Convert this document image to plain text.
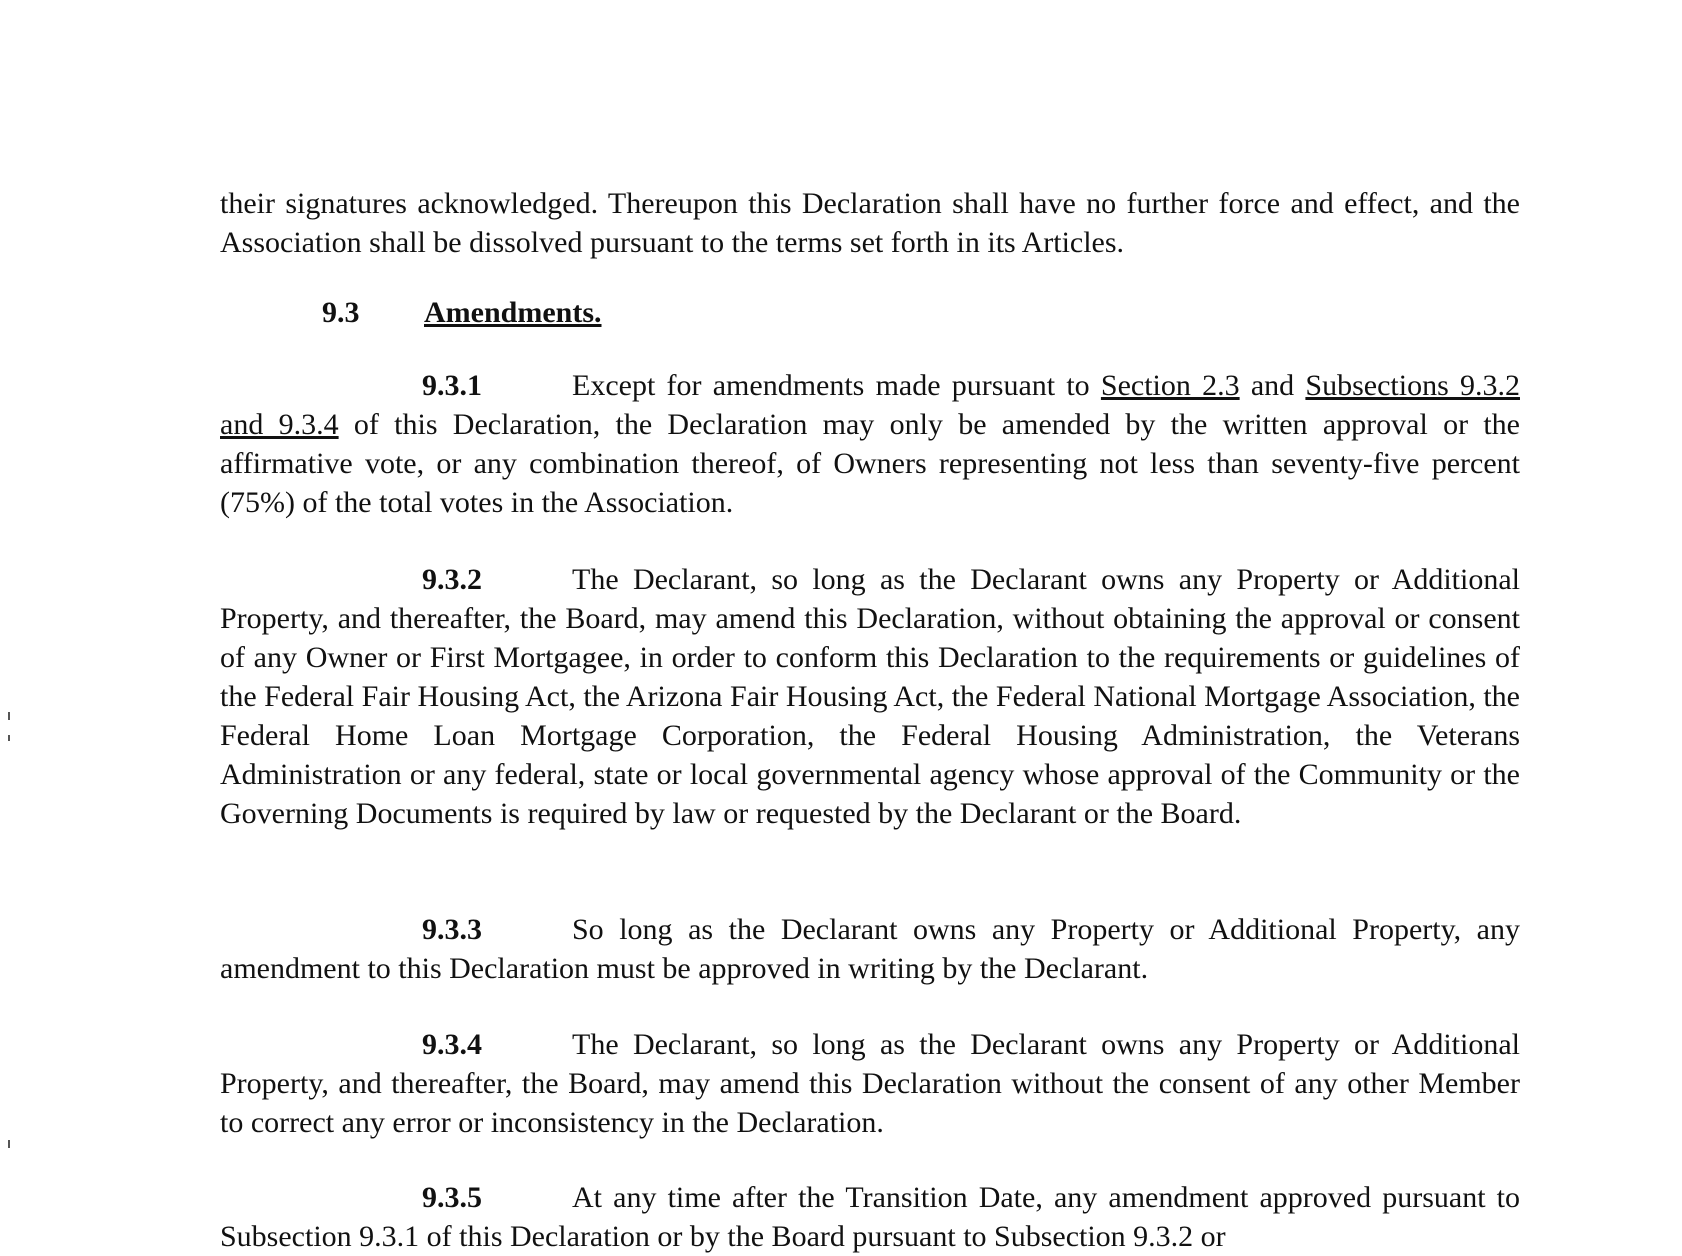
their signatures acknowledged. Thereupon this Declaration shall have no further force and effect, and the Association shall be dissolved pursuant to the terms set forth in its Articles.

9.3 Amendments.

9.3.1	Except for amendments made pursuant to Section 2.3 and Subsections 9.3.2 and 9.3.4 of this Declaration, the Declaration may only be amended by the written approval or the affirmative vote, or any combination thereof, of Owners representing not less than seventy-five percent (75%) of the total votes in the Association.

9.3.2	The Declarant, so long as the Declarant owns any Property or Additional Property, and thereafter, the Board, may amend this Declaration, without obtaining the approval or consent of any Owner or First Mortgagee, in order to conform this Declaration to the requirements or guidelines of the Federal Fair Housing Act, the Arizona Fair Housing Act, the Federal National Mortgage Association, the Federal Home Loan Mortgage Corporation, the Federal Housing Administration, the Veterans Administration or any federal, state or local governmental agency whose approval of the Community or the Governing Documents is required by law or requested by the Declarant or the Board.

9.3.3	So long as the Declarant owns any Property or Additional Property, any amendment to this Declaration must be approved in writing by the Declarant.

9.3.4	The Declarant, so long as the Declarant owns any Property or Additional Property, and thereafter, the Board, may amend this Declaration without the consent of any other Member to correct any error or inconsistency in the Declaration.

9.3.5	At any time after the Transition Date, any amendment approved pursuant to Subsection 9.3.1 of this Declaration or by the Board pursuant to Subsection 9.3.2 or
